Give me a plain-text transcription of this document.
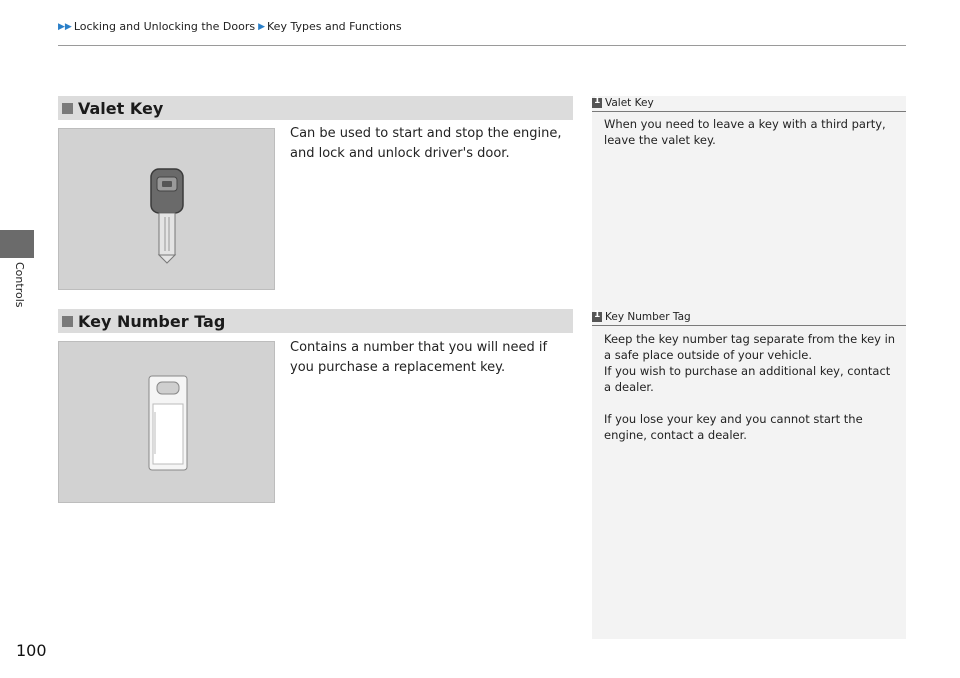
▶▶ Locking and Unlocking the Doors ▶ Key Types and Functions
Controls
100
Valet Key
Can be used to start and stop the engine, and lock and unlock driver's door.
Key Number Tag
Contains a number that you will need if you purchase a replacement key.
1
Valet Key

When you need to leave a key with a third party, leave the valet key.

1
Key Number Tag

Keep the key number tag separate from the key in a safe place outside of your vehicle.

If you wish to purchase an additional key, contact a dealer.

If you lose your key and you cannot start the engine, contact a dealer.
